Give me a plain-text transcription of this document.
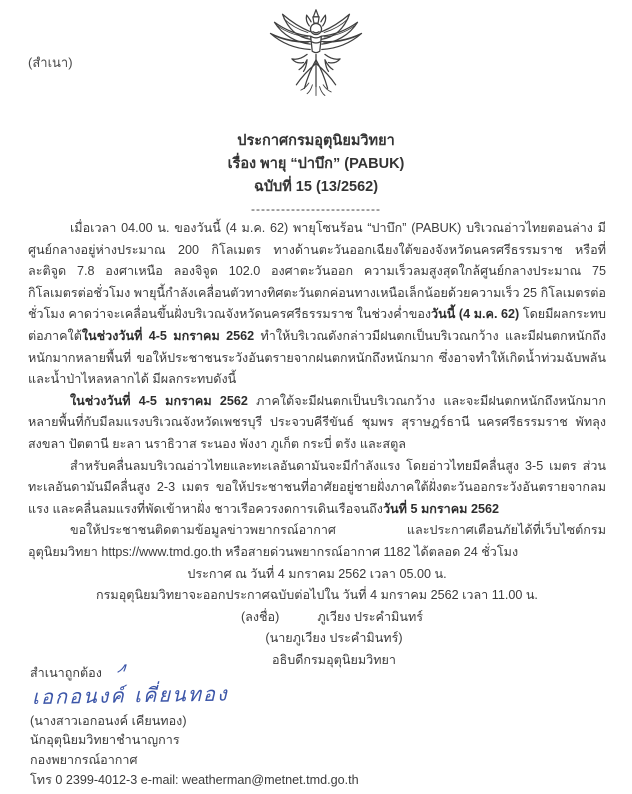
(สำเนา)
ประกาศกรมอุตุนิยมวิทยา
เรื่อง พายุ “ปาบึก” (PABUK)
ฉบับที่ 15 (13/2562)
--------------------------

เมื่อเวลา 04.00 น. ของวันนี้ (4 ม.ค. 62) พายุโซนร้อน “ปาบึก” (PABUK) บริเวณอ่าวไทยตอนล่าง มีศูนย์กลางอยู่ห่างประมาณ 200 กิโลเมตร ทางด้านตะวันออกเฉียงใต้ของจังหวัดนครศรีธรรมราช หรือที่ละติจูด 7.8 องศาเหนือ ลองจิจูด 102.0 องศาตะวันออก ความเร็วลมสูงสุดใกล้ศูนย์กลางประมาณ 75 กิโลเมตรต่อชั่วโมง พายุนี้กำลังเคลื่อนตัวทางทิศตะวันตกค่อนทางเหนือเล็กน้อยด้วยความเร็ว 25 กิโลเมตรต่อชั่วโมง คาดว่าจะเคลื่อนขึ้นฝั่งบริเวณจังหวัดนครศรีธรรมราช ในช่วงค่ำของวันนี้ (4 ม.ค. 62) โดยมีผลกระทบต่อภาคใต้ในช่วงวันที่ 4-5 มกราคม 2562 ทำให้บริเวณดังกล่าวมีฝนตกเป็นบริเวณกว้าง และมีฝนตกหนักถึงหนักมากหลายพื้นที่ ขอให้ประชาชนระวังอันตรายจากฝนตกหนักถึงหนักมาก ซึ่งอาจทำให้เกิดน้ำท่วมฉับพลันและน้ำป่าไหลหลากได้ มีผลกระทบดังนี้

ในช่วงวันที่ 4-5 มกราคม 2562 ภาคใต้จะมีฝนตกเป็นบริเวณกว้าง และจะมีฝนตกหนักถึงหนักมากหลายพื้นที่กับมีลมแรงบริเวณจังหวัดเพชรบุรี ประจวบคีรีขันธ์ ชุมพร สุราษฎร์ธานี นครศรีธรรมราช พัทลุง สงขลา ปัตตานี ยะลา นราธิวาส ระนอง พังงา ภูเก็ต กระบี่ ตรัง และสตูล

สำหรับคลื่นลมบริเวณอ่าวไทยและทะเลอันดามันจะมีกำลังแรง โดยอ่าวไทยมีคลื่นสูง 3-5 เมตร ส่วนทะเลอันดามันมีคลื่นสูง 2-3 เมตร ขอให้ประชาชนที่อาศัยอยู่ชายฝั่งภาคใต้ฝั่งตะวันออกระวังอันตรายจากลมแรง และคลื่นลมแรงที่พัดเข้าหาฝั่ง ชาวเรือควรงดการเดินเรือจนถึงวันที่ 5 มกราคม 2562

ขอให้ประชาชนติดตามข้อมูลข่าวพยากรณ์อากาศ และประกาศเตือนภัยได้ที่เว็บไซต์กรมอุตุนิยมวิทยา https://www.tmd.go.th หรือสายด่วนพยากรณ์อากาศ 1182 ได้ตลอด 24 ชั่วโมง

ประกาศ ณ วันที่ 4 มกราคม 2562 เวลา 05.00 น.

กรมอุตุนิยมวิทยาจะออกประกาศฉบับต่อไปใน วันที่ 4 มกราคม 2562 เวลา 11.00 น.

(ลงชื่อ)	ภูเวียง ประคำมินทร์

(นายภูเวียง ประคำมินทร์)

อธิบดีกรมอุตุนิยมวิทยา

สำเนาถูกต้อง
เอกอนงค์ เคี่ยนทอง
(นางสาวเอกอนงค์ เคียนทอง)
นักอุตุนิยมวิทยาชำนาญการ
กองพยากรณ์อากาศ
โทร 0 2399-4012-3 e-mail: weatherman@metnet.tmd.go.th
